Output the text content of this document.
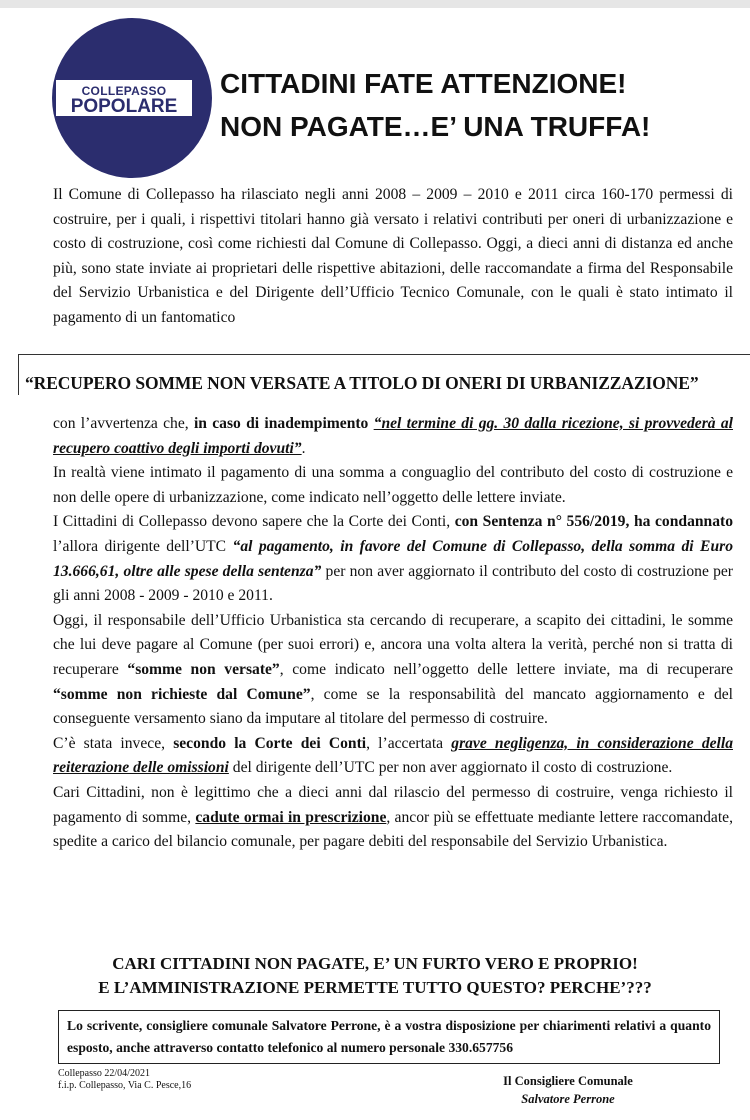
COLLEPASSO
POPOLARE
CITTADINI FATE ATTENZIONE!
NON PAGATE…E’ UNA TRUFFA!

Il Comune di Collepasso ha rilasciato negli anni 2008 – 2009 – 2010 e 2011 circa 160-170 permessi di costruire, per i quali, i rispettivi titolari hanno già versato i relativi contributi per oneri di urbanizzazione e costo di costruzione, così come richiesti dal Comune di Collepasso. Oggi, a dieci anni di distanza ed anche più, sono state inviate ai proprietari delle rispettive abitazioni, delle raccomandate a firma del Responsabile del Servizio Urbanistica e del Dirigente dell’Ufficio Tecnico Comunale, con le quali è stato intimato il pagamento di un fantomatico

“RECUPERO SOMME NON VERSATE A TITOLO DI ONERI DI URBANIZZAZIONE”

con l’avvertenza che, in caso di inadempimento “nel termine di gg. 30 dalla ricezione, si provvederà al recupero coattivo degli importi dovuti”.

In realtà viene intimato il pagamento di una somma a conguaglio del contributo del costo di costruzione e non delle opere di urbanizzazione, come indicato nell’oggetto delle lettere inviate.

I Cittadini di Collepasso devono sapere che la Corte dei Conti, con Sentenza n° 556/2019, ha condannato l’allora dirigente dell’UTC “al pagamento, in favore del Comune di Collepasso, della somma di Euro 13.666,61, oltre alle spese della sentenza” per non aver aggiornato il contributo del costo di costruzione per gli anni 2008 - 2009 - 2010 e 2011.

Oggi, il responsabile dell’Ufficio Urbanistica sta cercando di recuperare, a scapito dei cittadini, le somme che lui deve pagare al Comune (per suoi errori) e, ancora una volta altera la verità, perché non si tratta di recuperare “somme non versate”, come indicato nell’oggetto delle lettere inviate, ma di recuperare “somme non richieste dal Comune”, come se la responsabilità del mancato aggiornamento e del conseguente versamento siano da imputare al titolare del permesso di costruire.

C’è stata invece, secondo la Corte dei Conti, l’accertata grave negligenza, in considerazione della reiterazione delle omissioni del dirigente dell’UTC per non aver aggiornato il costo di costruzione.

Cari Cittadini, non è legittimo che a dieci anni dal rilascio del permesso di costruire, venga richiesto il pagamento di somme, cadute ormai in prescrizione, ancor più se effettuate mediante lettere raccomandate, spedite a carico del bilancio comunale, per pagare debiti del responsabile del Servizio Urbanistica.

CARI CITTADINI NON PAGATE, E’ UN FURTO VERO E PROPRIO!
E L’AMMINISTRAZIONE PERMETTE TUTTO QUESTO? PERCHE’???
Lo scrivente, consigliere comunale Salvatore Perrone, è a vostra disposizione per chiarimenti relativi a quanto esposto, anche attraverso contatto telefonico al numero personale 330.657756
Collepasso 22/04/2021
f.i.p. Collepasso, Via C. Pesce,16	Il Consigliere Comunale
Salvatore Perrone
